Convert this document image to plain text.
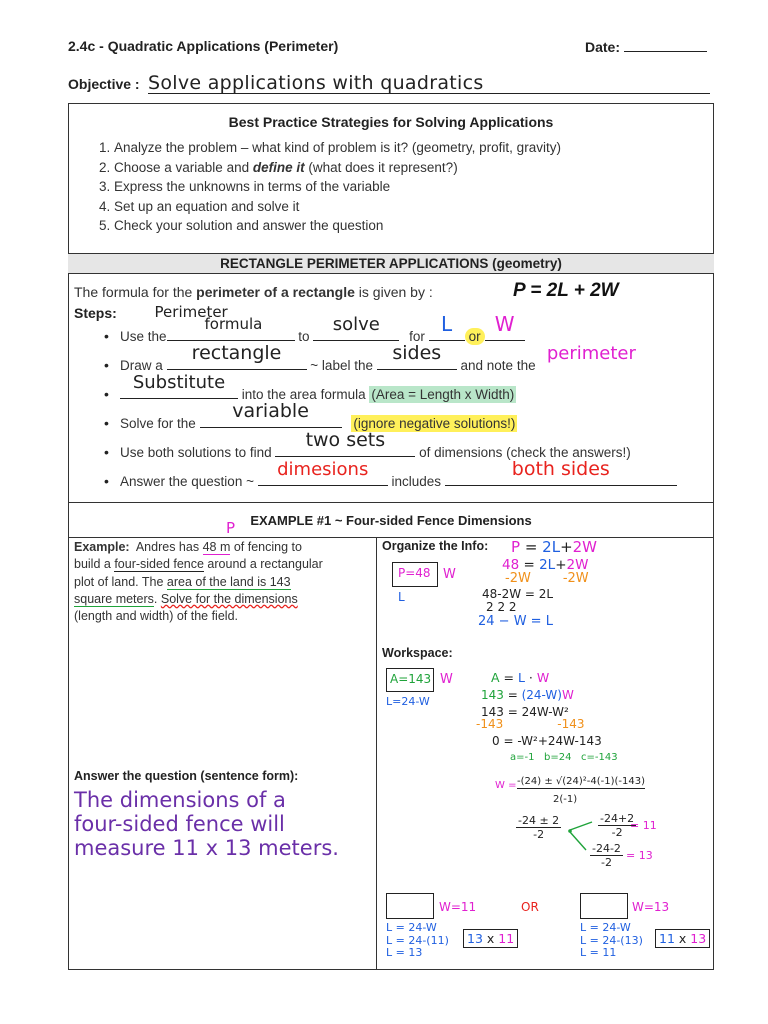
2.4c - Quadratic Applications (Perimeter)	Date:
Objective : Solve applications with quadratics
Best Practice Strategies for Solving Applications
1. Analyze the problem – what kind of problem is it? (geometry, profit, gravity)
2. Choose a variable and define it (what does it represent?)
3. Express the unknowns in terms of the variable
4. Set up an equation and solve it
5. Check your solution and answer the question
RECTANGLE PERIMETER APPLICATIONS (geometry)
The formula for the perimeter of a rectangle is given by :	P = 2L + 2W
Steps:
• Use the
Perimeter
formula
to
solve
for
L
or
W
• Draw a
rectangle
~ label the
sides
and note the
perimeter
• Substitute
into the area formula (Area = Length x Width)
• Solve for the
variable
(ignore negative solutions!)
• Use both solutions to find
two sets
of dimensions (check the answers!)
• Answer the question ~
dimesions
includes
both sides
EXAMPLE #1 ~ Four-sided Fence Dimensions
P
Example:  Andres has 48 m of fencing to
build a four-sided fence around a rectangular
plot of land. The area of the land is 143
square meters. Solve for the dimensions
(length and width) of the field.
Answer the question (sentence form):
The dimensions of a
four-sided fence will
measure 11 x 13 meters.
Organize the Info:
P=48 W
L
P = 2L+2W
48 = 2L+2W
-2W -2W
48-2W = 2L
2 2 2
24 − W = L
Workspace:
A=143 W
L=24-W
A = L · W
143 = (24-W)W
143 = 24W-W²
-143	-143
0 = -W²+24W-143
a=-1 b=24 c=-143
W = -(24) ± √(24)²-4(-1)(-143)
2(-1)
-24 ± 2
-2
-24+2
-2
= 11
-24-2
-2
= 13
W=11
L = 24-W
L = 24-(11)
L = 13
13 x 11
OR	W=13
L = 24-W
L = 24-(13)
L = 11
11 x 13
